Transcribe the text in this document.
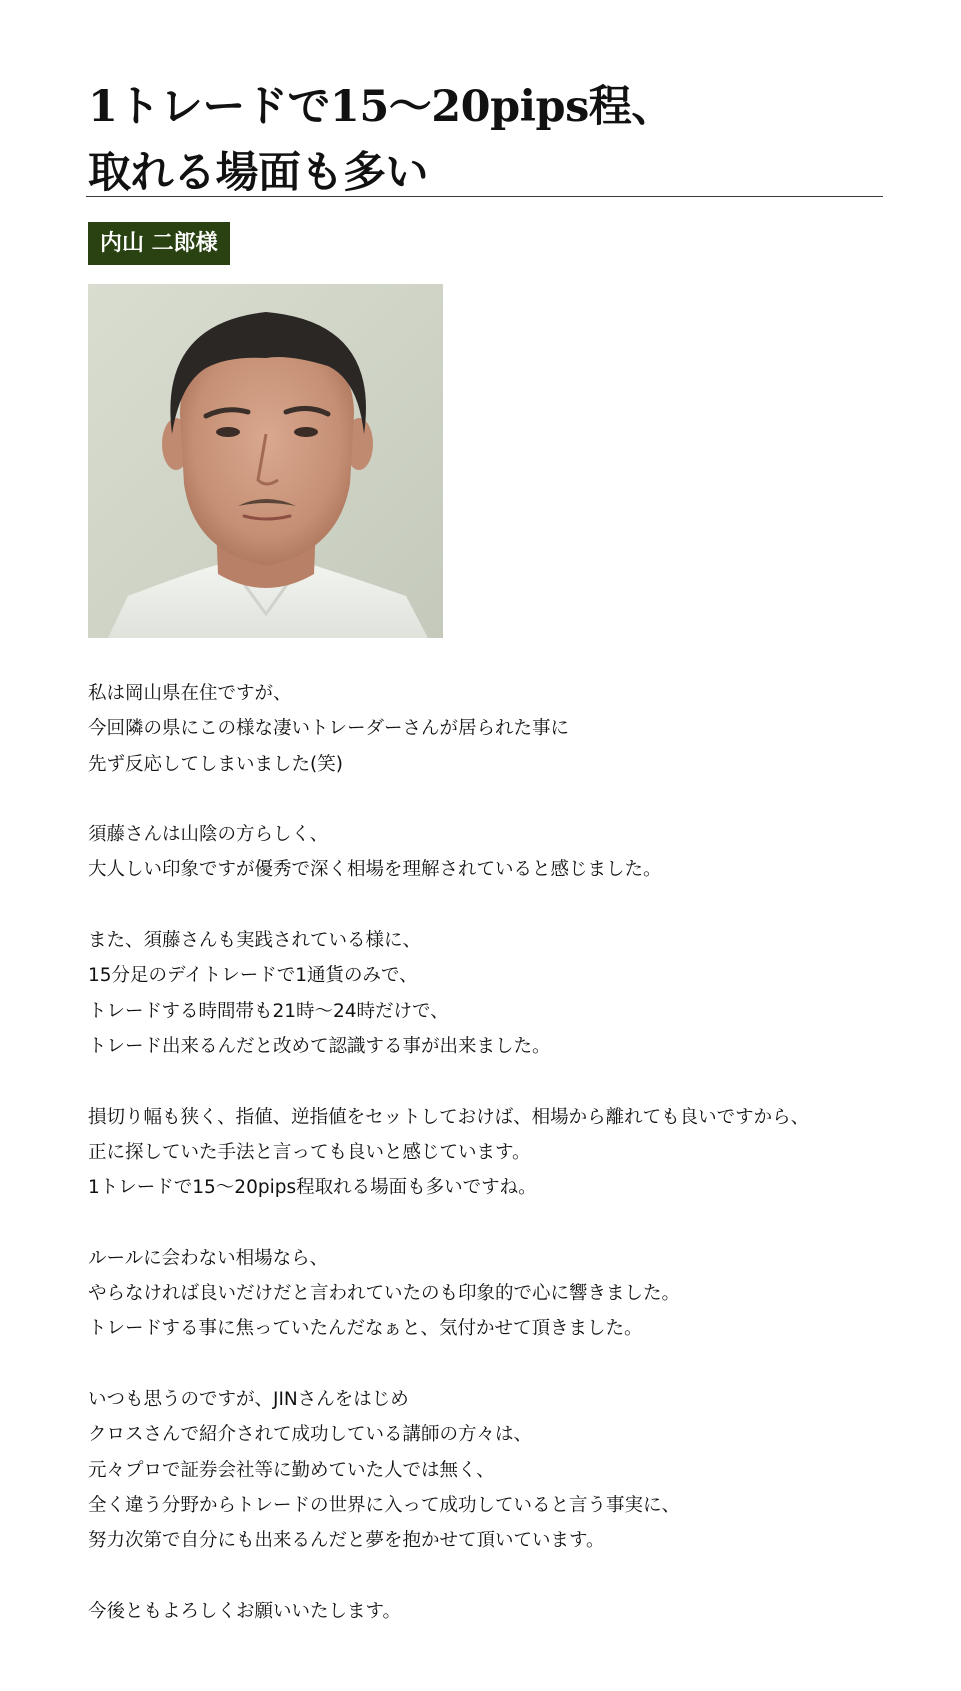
1トレードで15〜20pips程、
取れる場面も多い
内山 二郎様

私は岡山県在住ですが、
今回隣の県にこの様な凄いトレーダーさんが居られた事に
先ず反応してしまいました(笑)

須藤さんは山陰の方らしく、
大人しい印象ですが優秀で深く相場を理解されていると感じました。

また、須藤さんも実践されている様に、
15分足のデイトレードで1通貨のみで、
トレードする時間帯も21時〜24時だけで、
トレード出来るんだと改めて認識する事が出来ました。

損切り幅も狭く、指値、逆指値をセットしておけば、相場から離れても良いですから、
正に探していた手法と言っても良いと感じています。
1トレードで15〜20pips程取れる場面も多いですね。

ルールに会わない相場なら、
やらなければ良いだけだと言われていたのも印象的で心に響きました。
トレードする事に焦っていたんだなぁと、気付かせて頂きました。

いつも思うのですが、JINさんをはじめ
クロスさんで紹介されて成功している講師の方々は、
元々プロで証券会社等に勤めていた人では無く、
全く違う分野からトレードの世界に入って成功していると言う事実に、
努力次第で自分にも出来るんだと夢を抱かせて頂いています。

今後ともよろしくお願いいたします。
